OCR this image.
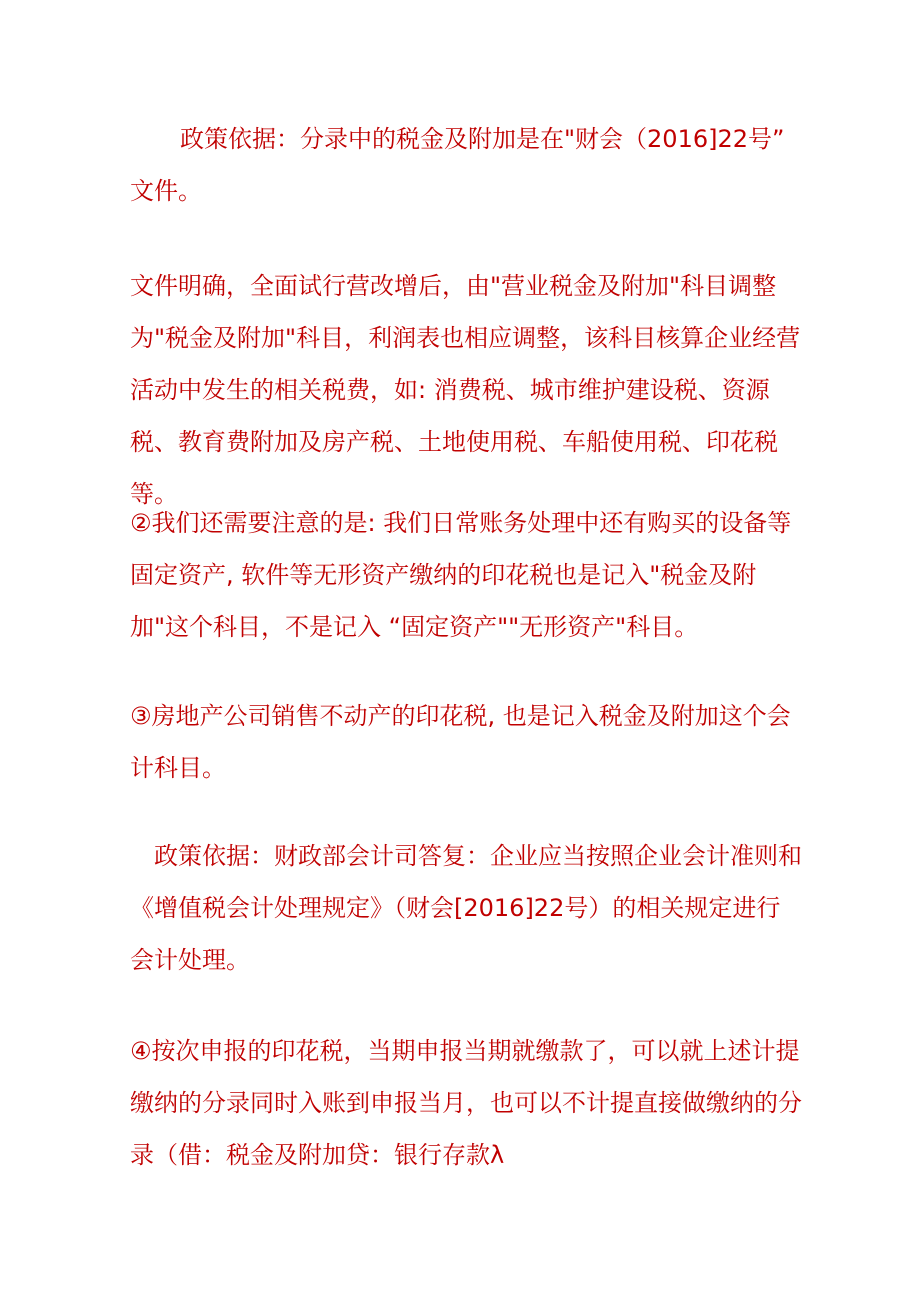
政策依据：分录中的税金及附加是在"财会（2016]22号” 文件。

文件明确，全面试行营改增后，由"营业税金及附加"科目调整为"税金及附加"科目，利润表也相应调整，该科目核算企业经营活动中发生的相关税费，如: 消费税、城市维护建设税、资源税、教育费附加及房产税、土地使用税、车船使用税、印花税等。

②我们还需要注意的是: 我们日常账务处理中还有购买的设备等固定资产, 软件等无形资产缴纳的印花税也是记入"税金及附加"这个科目，不是记入 “固定资产""无形资产"科目。

③房地产公司销售不动产的印花税, 也是记入税金及附加这个会计科目。

政策依据：财政部会计司答复：企业应当按照企业会计准则和《增值税会计处理规定》（财会[2016]22号）的相关规定进行会计处理。

④按次申报的印花税，当期申报当期就缴款了，可以就上述计提缴纳的分录同时入账到申报当月，也可以不计提直接做缴纳的分录（借：税金及附加贷：银行存款λ
